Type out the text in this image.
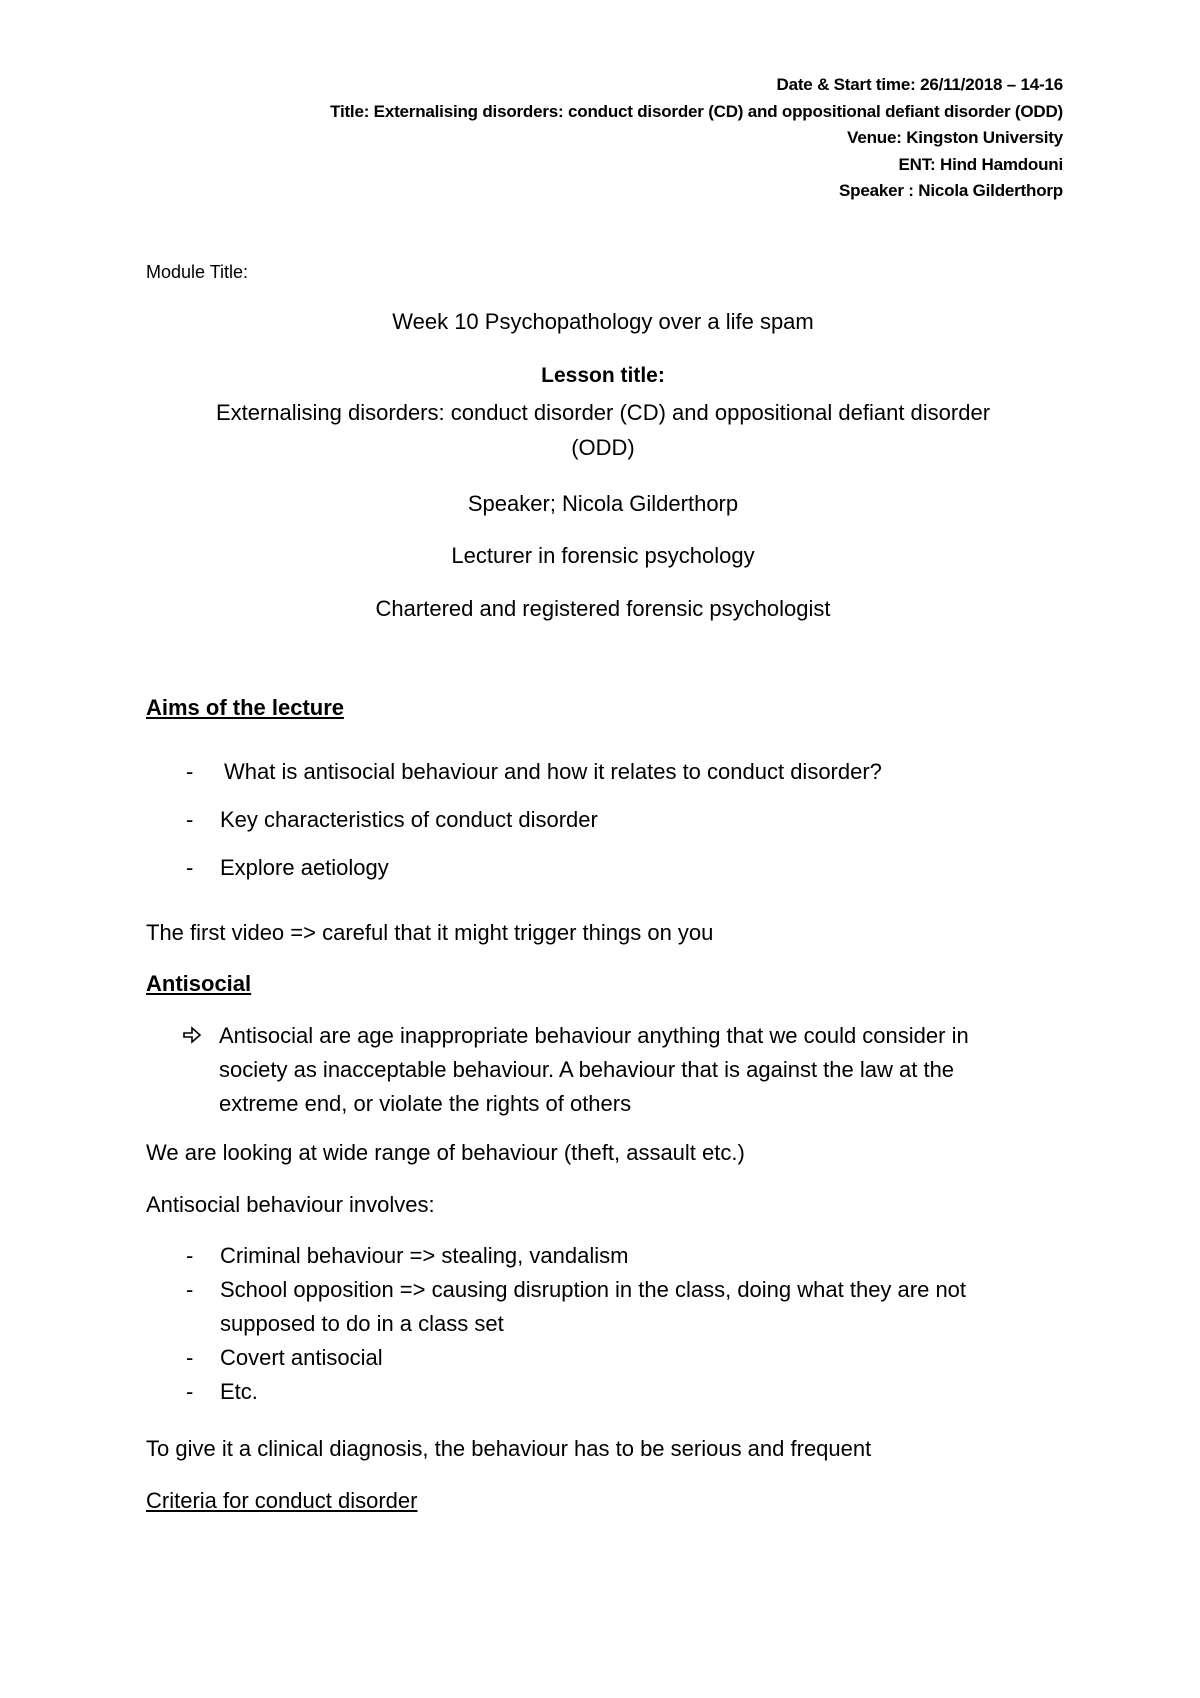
Date & Start time: 26/11/2018 – 14-16
Title: Externalising disorders: conduct disorder (CD) and oppositional defiant disorder (ODD)
Venue: Kingston University
ENT: Hind Hamdouni
Speaker : Nicola Gilderthorp
Module Title:
Week 10 Psychopathology over a life spam
Lesson title:
Externalising disorders: conduct disorder (CD) and oppositional defiant disorder
(ODD)
Speaker; Nicola Gilderthorp
Lecturer in forensic psychology
Chartered and registered forensic psychologist
Aims of the lecture
- What is antisocial behaviour and how it relates to conduct disorder?
- Key characteristics of conduct disorder
- Explore aetiology
The first video => careful that it might trigger things on you
Antisocial
Antisocial are age inappropriate behaviour anything that we could consider in society as inacceptable behaviour. A behaviour that is against the law at the extreme end, or violate the rights of others
We are looking at wide range of behaviour (theft, assault etc.)
Antisocial behaviour involves:
- Criminal behaviour => stealing, vandalism
- School opposition => causing disruption in the class, doing what they are not
supposed to do in a class set
- Covert antisocial
- Etc.
To give it a clinical diagnosis, the behaviour has to be serious and frequent
Criteria for conduct disorder
